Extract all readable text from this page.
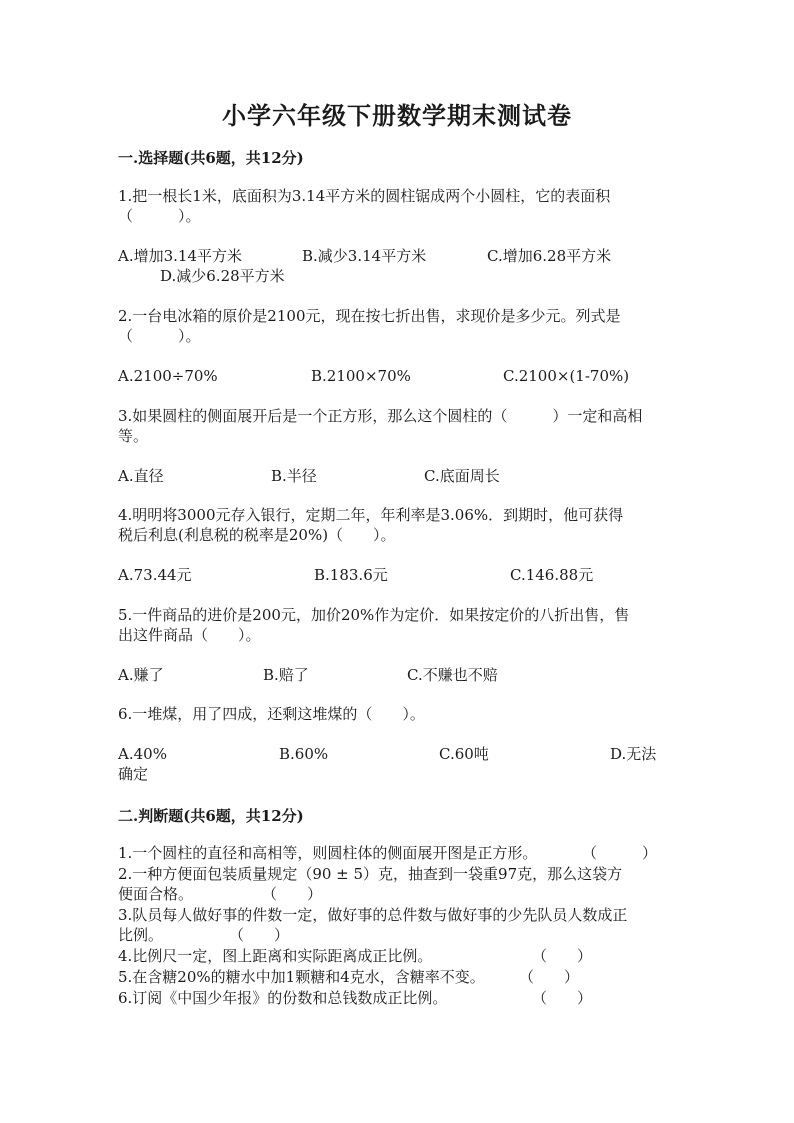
小学六年级下册数学期末测试卷
一.选择题(共6题，共12分)
1.把一根长1米，底面积为3.14平方米的圆柱锯成两个小圆柱，它的表面积
（　　　）。
A.增加3.14平方米	B.减少3.14平方米	C.增加6.28平方米
D.减少6.28平方米
2.一台电冰箱的原价是2100元，现在按七折出售，求现价是多少元。列式是
（　　　）。
A.2100÷70%	B.2100×70%	C.2100×(1-70%)
3.如果圆柱的侧面展开后是一个正方形，那么这个圆柱的（　　　）一定和高相
等。
A.直径	B.半径	C.底面周长
4.明明将3000元存入银行，定期二年，年利率是3.06%．到期时，他可获得
税后利息(利息税的税率是20%)（　　）。
A.73.44元	B.183.6元	C.146.88元
5.一件商品的进价是200元，加价20%作为定价．如果按定价的八折出售，售
出这件商品（　　）。
A.赚了	B.赔了	C.不赚也不赔
6.一堆煤，用了四成，还剩这堆煤的（　　）。
A.40%	B.60%	C.60吨	D.无法
确定
二.判断题(共6题，共12分)
1.一个圆柱的直径和高相等，则圆柱体的侧面展开图是正方形。	（　　　）
2.一种方便面包装质量规定（90 ± 5）克，抽查到一袋重97克，那么这袋方
便面合格。	（　　）
3.队员每人做好事的件数一定，做好事的总件数与做好事的少先队员人数成正
比例。	（　　）
4.比例尺一定，图上距离和实际距离成正比例。	（　　）
5.在含糖20%的糖水中加1颗糖和4克水，含糖率不变。 （　　）
6.订阅《中国少年报》的份数和总钱数成正比例。	（　　）
